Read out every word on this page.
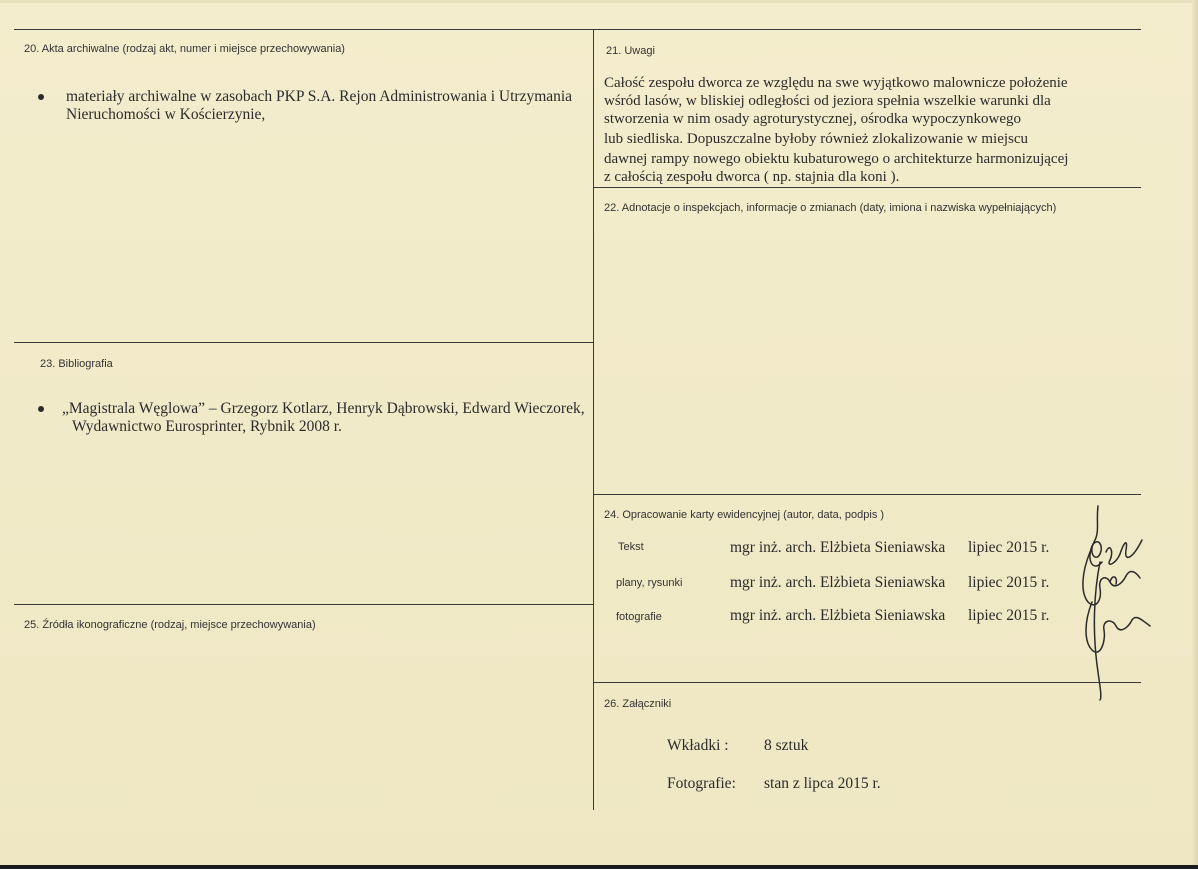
20. Akta archiwalne (rodzaj akt, numer i miejsce przechowywania)
materiały archiwalne w zasobach PKP S.A. Rejon Administrowania i Utrzymania
Nieruchomości w Kościerzynie,
21. Uwagi
Całość zespołu dworca ze względu na swe wyjątkowo malownicze położenie
wśród lasów, w bliskiej odległości od jeziora spełnia wszelkie warunki dla
stworzenia w nim osady agroturystycznej, ośrodka wypoczynkowego
lub siedliska. Dopuszczalne byłoby również zlokalizowanie w miejscu
dawnej rampy nowego obiektu kubaturowego o architekturze harmonizującej
z całością zespołu dworca ( np. stajnia dla koni ).
22. Adnotacje o inspekcjach, informacje o zmianach (daty, imiona i nazwiska wypełniających)
23. Bibliografia
„Magistrala Węglowa” – Grzegorz Kotlarz, Henryk Dąbrowski, Edward Wieczorek,
Wydawnictwo Eurosprinter, Rybnik 2008 r.
24. Opracowanie karty ewidencyjnej (autor, data, podpis )
Tekst	mgr inż. arch. Elżbieta Sieniawska lipiec 2015 r.
plany, rysunki	mgr inż. arch. Elżbieta Sieniawska lipiec 2015 r.
fotografie	mgr inż. arch. Elżbieta Sieniawska lipiec 2015 r.
25. Źródła ikonograficzne (rodzaj, miejsce przechowywania)
26. Załączniki
Wkładki : 8 sztuk
Fotografie: stan z lipca 2015 r.
